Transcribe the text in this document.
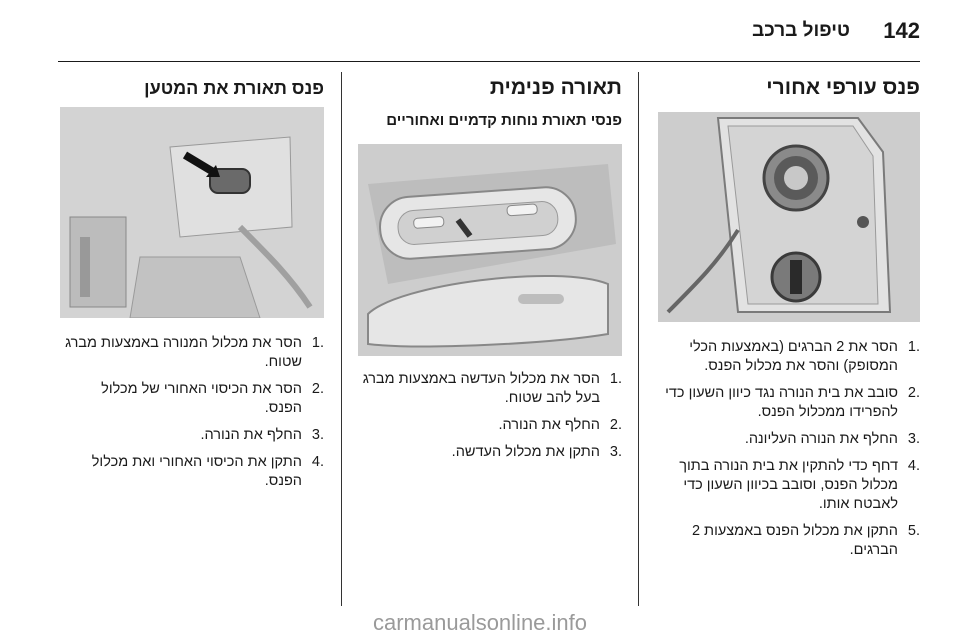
142
טיפול ברכב
פנס עורפי אחורי
.1
הסר את 2 הברגים (באמצעות הכלי המסופק) והסר את מכלול הפנס.
.2
סובב את בית הנורה נגד כיוון השעון כדי להפרידו ממכלול הפנס.
.3
החלף את הנורה העליונה.
.4
דחף כדי להתקין את בית הנורה בתוך מכלול הפנס, וסובב בכיוון השעון כדי לאבטח אותו.
.5
התקן את מכלול הפנס באמצעות 2 הברגים.
תאורה פנימית
פנסי תאורת נוחות קדמיים ואחוריים
.1
הסר את מכלול העדשה באמצעות מברג בעל להב שטוח.
.2
החלף את הנורה.
.3
התקן את מכלול העדשה.
פנס תאורת את המטען
.1
הסר את מכלול המנורה באמצעות מברג שטוח.
.2
הסר את הכיסוי האחורי של מכלול הפנס.
.3
החלף את הנורה.
.4
התקן את הכיסוי האחורי ואת מכלול הפנס.
carmanualsonline.info
